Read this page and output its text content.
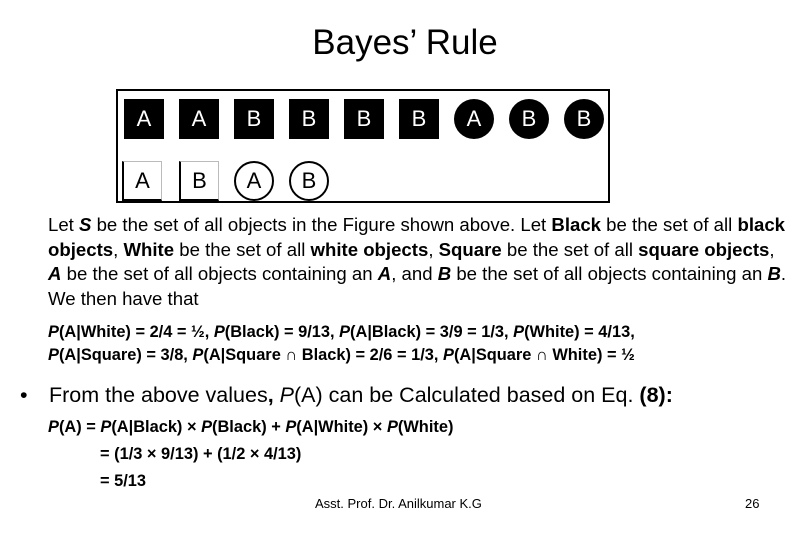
Bayes’ Rule
A	A	B	B	B	B	A	B	B
A	B	A	B
Let S be the set of all objects in the Figure shown above. Let Black be the set of all black objects, White be the set of all white objects, Square be the set of all square objects, A be the set of all objects containing an A, and B be the set of all objects containing an B. We then have that
P(A|White) = 2/4 = ½, P(Black) = 9/13, P(A|Black) = 3/9 = 1/3, P(White) = 4/13,
P(A|Square) = 3/8, P(A|Square ∩ Black) = 2/6 = 1/3, P(A|Square ∩ White) = ½
• From the above values, P(A) can be Calculated based on Eq. (8):
P(A) = P(A|Black) × P(Black) + P(A|White) × P(White)
= (1/3 × 9/13) + (1/2 × 4/13)
= 5/13
Asst. Prof. Dr. Anilkumar K.G	26
